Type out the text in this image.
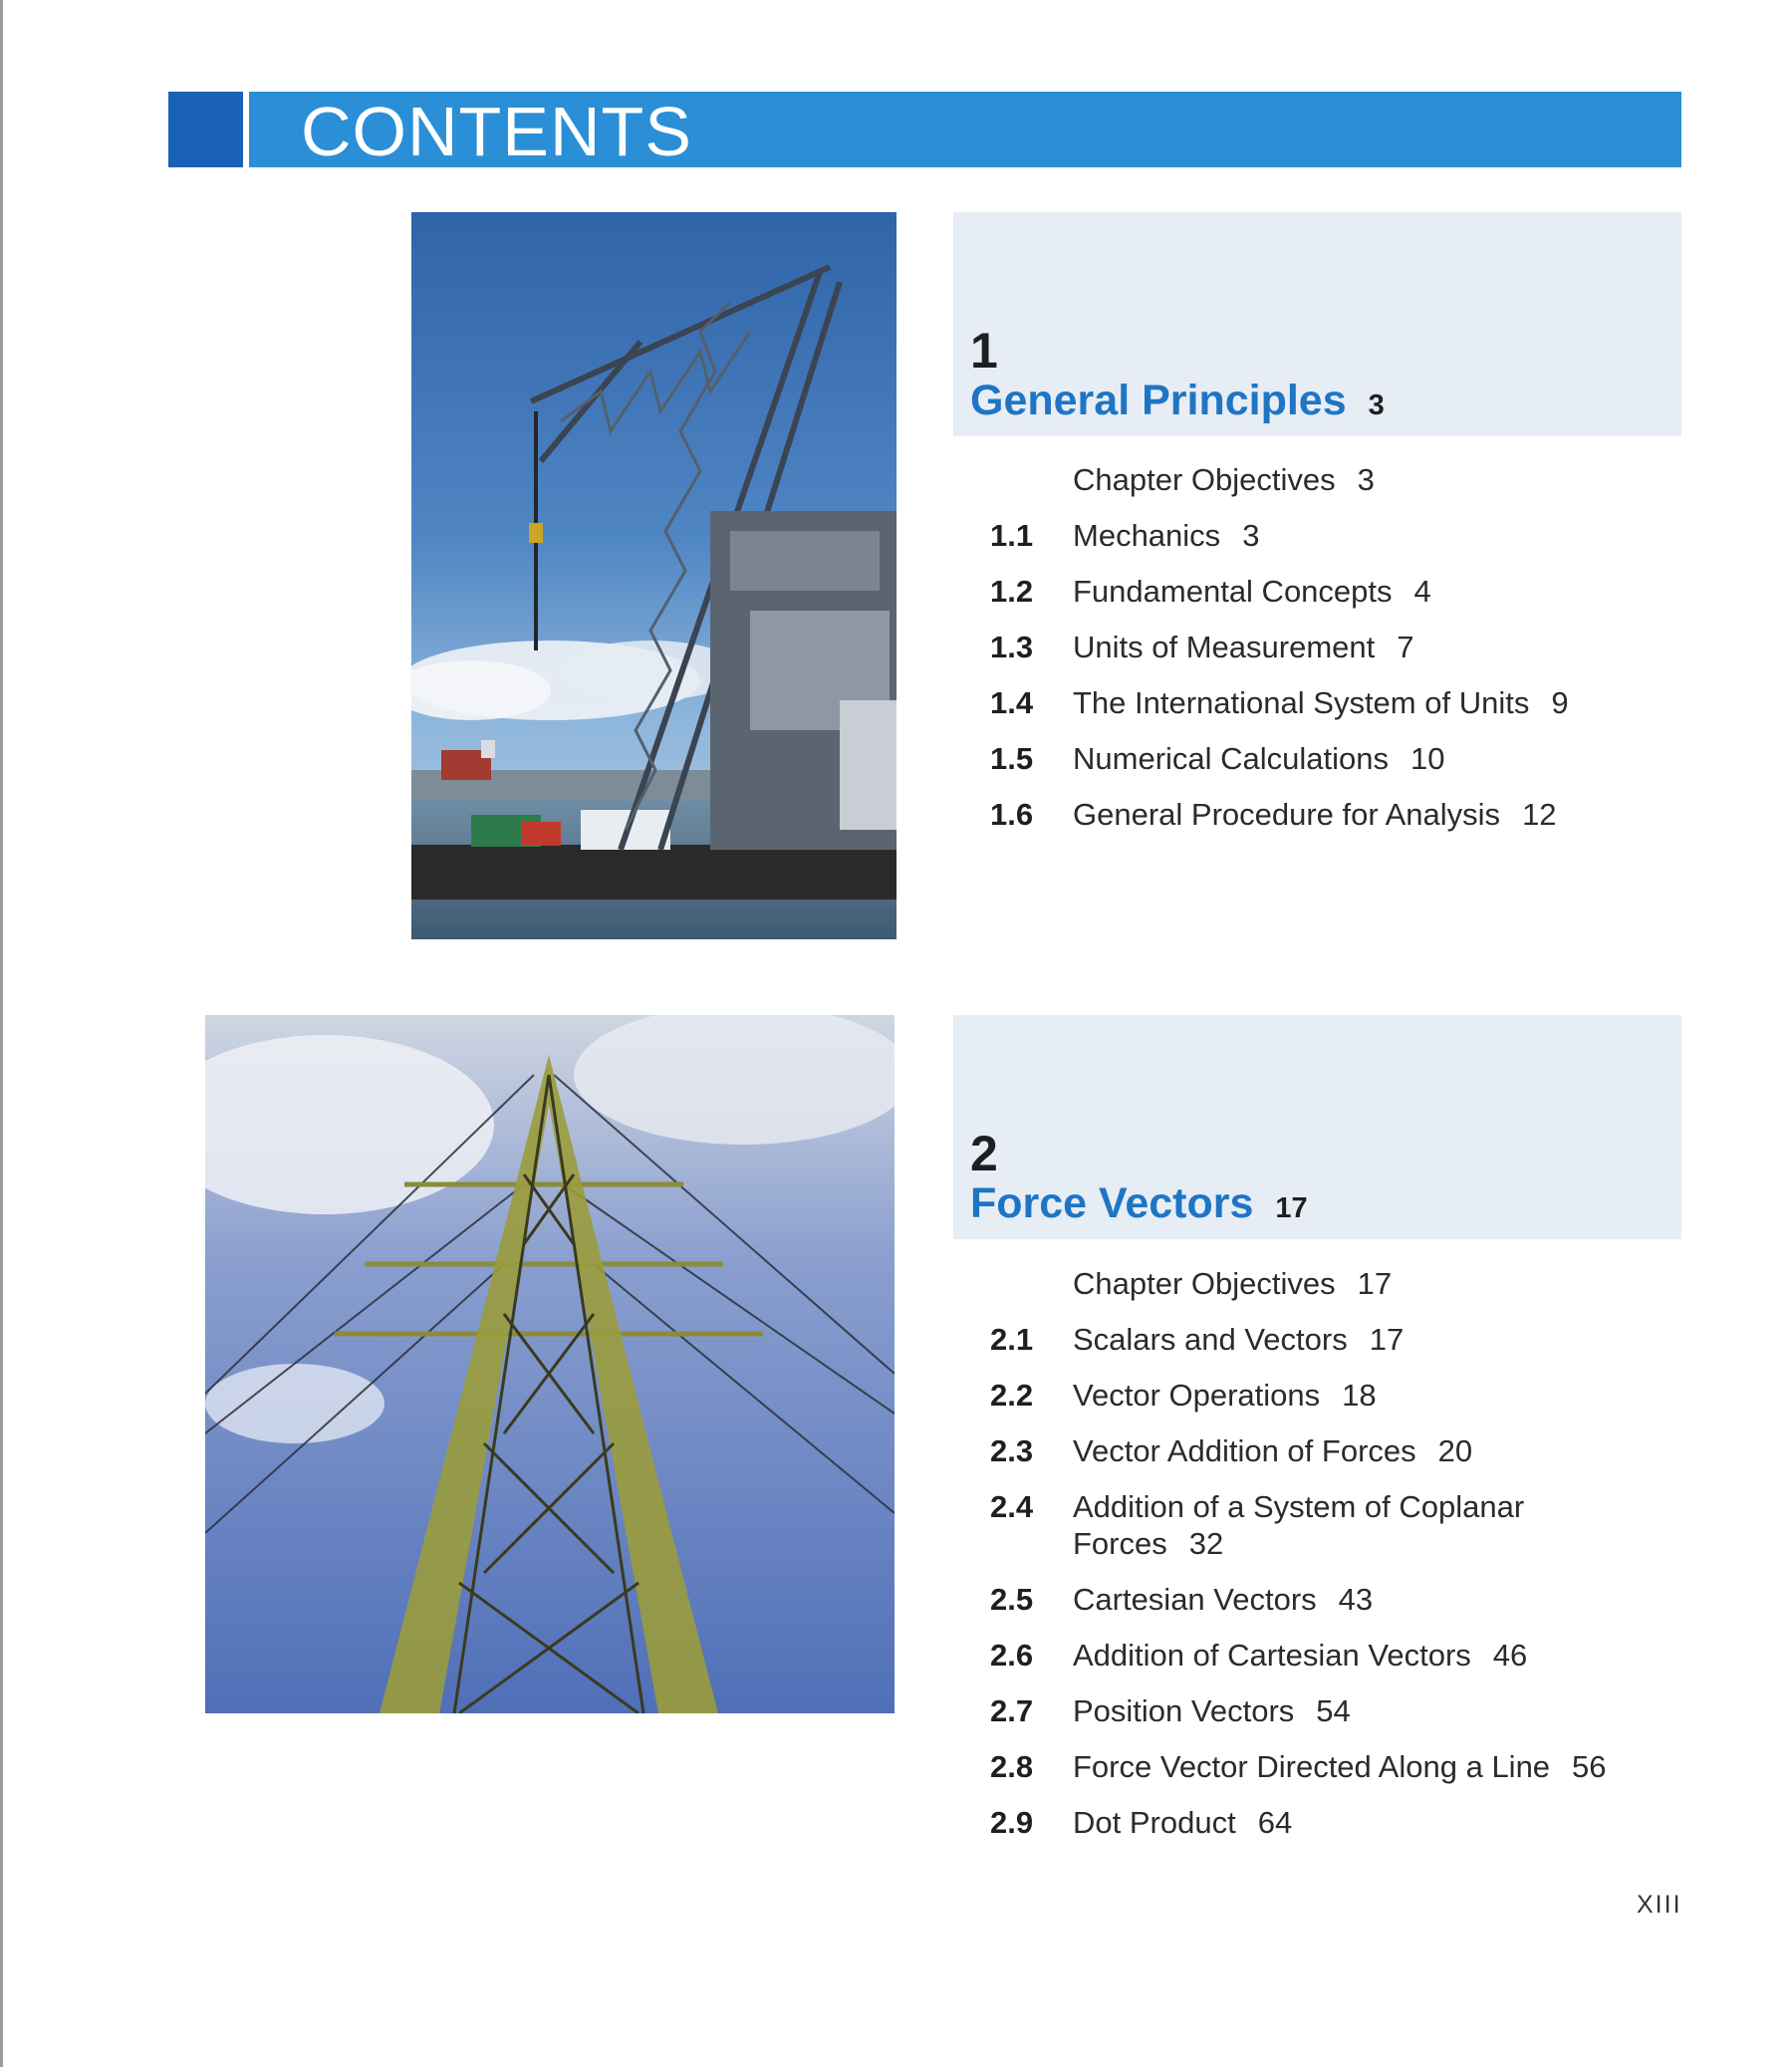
CONTENTS
1
General Principles 3
Chapter Objectives 3
1.1	Mechanics 3
1.2	Fundamental Concepts 4
1.3	Units of Measurement 7
1.4	The International System of Units 9
1.5	Numerical Calculations 10
1.6	General Procedure for Analysis 12
2
Force Vectors 17
Chapter Objectives 17
2.1	Scalars and Vectors 17
2.2	Vector Operations 18
2.3	Vector Addition of Forces 20
2.4	Addition of a System of Coplanar Forces 32
2.5	Cartesian Vectors 43
2.6	Addition of Cartesian Vectors 46
2.7	Position Vectors 54
2.8	Force Vector Directed Along a Line 56
2.9	Dot Product 64
XIII
